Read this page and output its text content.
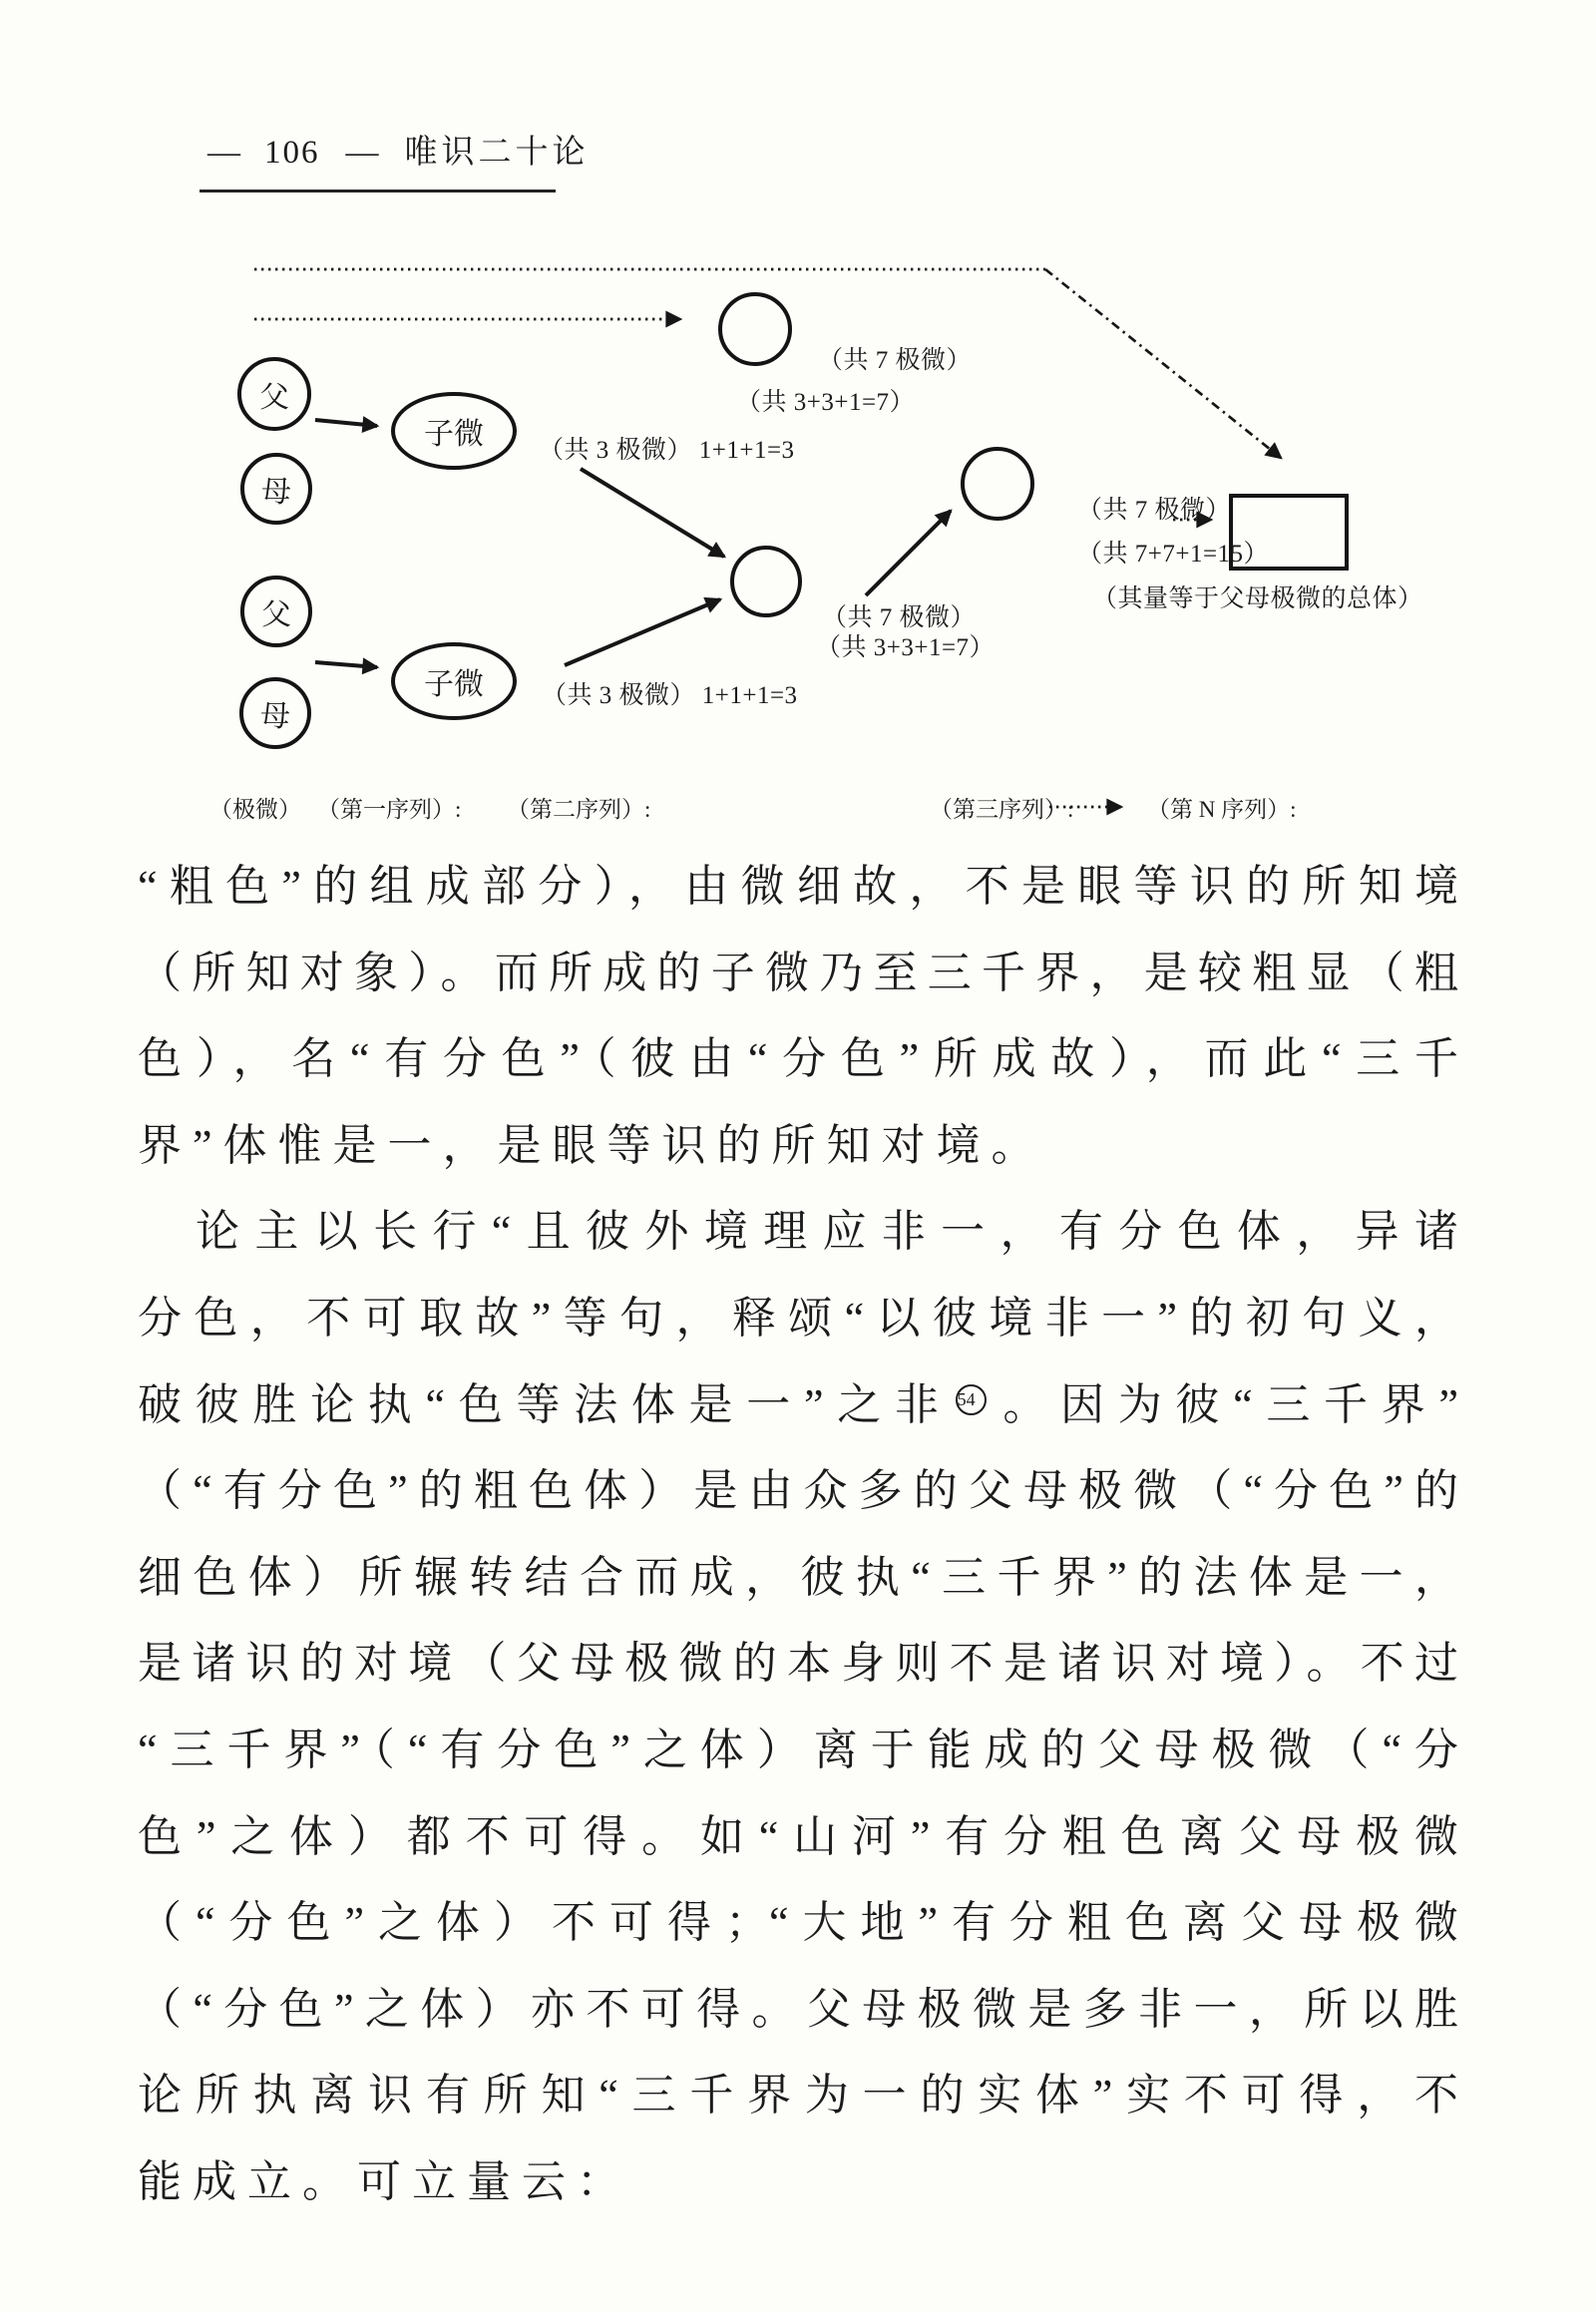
— 106 — 唯识二十论
父
母
子微
父
母
子微
（共 7 极微）
（共 3+3+1=7）
（共 3 极微） 1+1+1=3
（共 3 极微） 1+1+1=3
（共 7 极微）
（共 3+3+1=7）
（共 7 极微）
（共 7+7+1=15）
（其量等于父母极微的总体）
（极微） （第一序列）: （第二序列）:	（第三序列）:	（第 N 序列）:
“粗色”的组成部分），由微细故，不是眼等识的所知境
（所知对象）。而所成的子微乃至三千界，是较粗显（粗
色），名“有分色”（彼由“分色”所成故），而此“三千
界”体惟是一，是眼等识的所知对境。
论主以长行“且彼外境理应非一，有分色体，异诸
分色，不可取故”等句，释颂“以彼境非一”的初句义，
破彼胜论执“色等法体是一”之非 54 。因为彼“三千界”
（“有分色”的粗色体）是由众多的父母极微（“分色”的
细色体）所辗转结合而成，彼执“三千界”的法体是一，
是诸识的对境（父母极微的本身则不是诸识对境）。不过
“三千界”（“有分色”之体）离于能成的父母极微（“分
色”之体）都不可得。如“山河”有分粗色离父母极微
（“分色”之体）不可得；“大地”有分粗色离父母极微
（“分色”之体）亦不可得。父母极微是多非一，所以胜
论所执离识有所知“三千界为一的实体”实不可得，不
能成立。可立量云：
